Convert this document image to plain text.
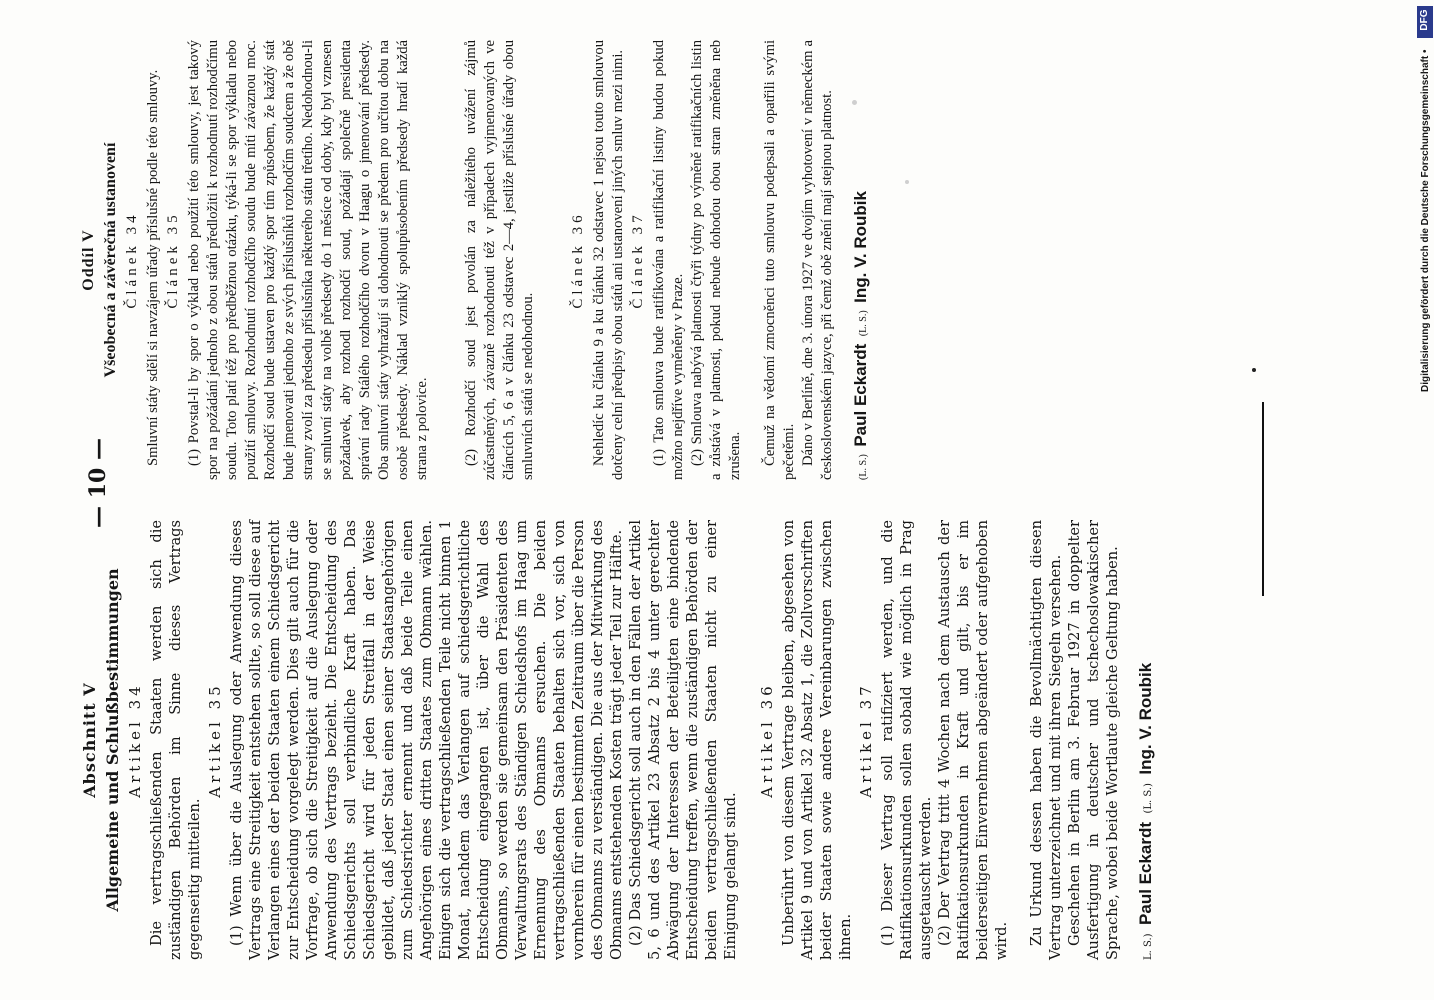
— 10 —
Abschnitt V Allgemeine und Schlußbestimmungen Artikel 34 Die vertragschließenden Staaten werden sich die zuständigen Behörden im Sinne dieses Vertrags gegenseitig mitteilen.

Artikel 35 (1) Wenn über die Auslegung oder Anwendung dieses Vertrags eine Streitigkeit entstehen sollte, so soll diese auf Verlangen eines der beiden Staaten einem Schiedsgericht zur Entscheidung vorgelegt werden. Dies gilt auch für die Vorfrage, ob sich die Streitigkeit auf die Auslegung oder Anwendung des Vertrags bezieht. Die Entscheidung des Schiedsgerichts soll verbindliche Kraft haben. Das Schiedsgericht wird für jeden Streitfall in der Weise gebildet, daß jeder Staat einen seiner Staatsangehörigen zum Schiedsrichter ernennt und daß beide Teile einen Angehörigen eines dritten Staates zum Obmann wählen. Einigen sich die vertragschließenden Teile nicht binnen 1 Monat, nachdem das Verlangen auf schiedsgerichtliche Entscheidung eingegangen ist, über die Wahl des Obmanns, so werden sie gemeinsam den Präsidenten des Verwaltungsrats des Ständigen Schiedshofs im Haag um Ernennung des Obmanns ersuchen. Die beiden vertragschließenden Staaten behalten sich vor, sich von vornherein für einen bestimmten Zeitraum über die Person des Obmanns zu verständigen. Die aus der Mitwirkung des Obmanns entstehenden Kosten trägt jeder Teil zur Hälfte. (2) Das Schiedsgericht soll auch in den Fällen der Artikel 5, 6 und des Artikel 23 Absatz 2 bis 4 unter gerechter Abwägung der Interessen der Beteiligten eine bindende Entscheidung treffen, wenn die zuständigen Behörden der beiden vertragschließenden Staaten nicht zu einer Einigung gelangt sind.

Artikel 36 Unberührt von diesem Vertrage bleiben, abgesehen von Artikel 9 und von Artikel 32 Absatz 1, die Zollvorschriften beider Staaten sowie andere Vereinbarungen zwischen ihnen.

Artikel 37 (1) Dieser Vertrag soll ratifiziert werden, und die Ratifikationsurkunden sollen sobald wie möglich in Prag ausgetauscht werden. (2) Der Vertrag tritt 4 Wochen nach dem Austausch der Ratifikationsurkunden in Kraft und gilt, bis er im beiderseitigen Einvernehmen abgeändert oder aufgehoben wird. Zu Urkund dessen haben die Bevollmächtigten diesen Vertrag unterzeichnet und mit ihren Siegeln versehen. Geschehen in Berlin am 3. Februar 1927 in doppelter Ausfertigung in deutscher und tschechoslowakischer Sprache, wobei beide Wortlaute gleiche Geltung haben.	L. S.) Paul Eckardt (L. S.) Ing. V. Roubik
Oddíl V Všeobecná a závěrečná ustanovení Článek 34 Smluvní státy sdělí si navzájem úřady příslušné podle této smlouvy. Článek 35 (1) Povstal-li by spor o výklad nebo použití této smlouvy, jest takový spor na požádání jednoho z obou států předložiti k rozhodnutí rozhodčímu soudu. Toto platí též pro předběžnou otázku, týká-li se spor výkladu nebo použití smlouvy. Rozhodnutí rozhodčího soudu bude míti závaznou moc. Rozhodčí soud bude ustaven pro každý spor tím způsobem, že každý stát bude jmenovati jednoho ze svých příslušníků rozhodčím soudcem a že obě strany zvolí za předsedu příslušníka některého státu třetího. Nedohodnou-li se smluvní státy na volbě předsedy do 1 měsíce od doby, kdy byl vznesen požadavek, aby rozhodl rozhodčí soud, požádají společně presidenta správní rady Stálého rozhodčího dvoru v Haagu o jmenování předsedy. Oba smluvní státy vyhražují si dohodnouti se předem pro určitou dobu na osobě předsedy. Náklad vzniklý spolupůsobením předsedy hradí každá strana z polovice. (2) Rozhodčí soud jest povolán za náležitého uvážení zájmů zúčastněných, závazně rozhodnouti též v případech vyjmenovaných ve článcích 5, 6 a v článku 23 odstavec 2—4, jestliže příslušné úřady obou smluvních států se nedohodnou.

Článek 36 Nehledíc ku článku 9 a ku článku 32 odstavec 1 nejsou touto smlouvou dotčeny celní předpisy obou států ani ustanovení jiných smluv mezi nimi. Článek 37 (1) Tato smlouva bude ratifikována a ratifikační listiny budou pokud možno nejdříve vyměněny v Praze. (2) Smlouva nabývá platnosti čtyři týdny po výměně ratifikačních listin a zůstává v platnosti, pokud nebude dohodou obou stran změněna neb zrušena. Čemuž na vědomí zmocněnci tuto smlouvu podepsali a opatřili svými pečetěmi. Dáno v Berlíně, dne 3. února 1927 ve dvojím vyhotovení v německém a československém jazyce, při čemž obě znění mají stejnou platnost.	(L. S.) Paul Eckardt (L. S.) Ing. V. Roubik	Digitalisierung gefördert durch die Deutsche Forschungsgemeinschaft •
DFG
